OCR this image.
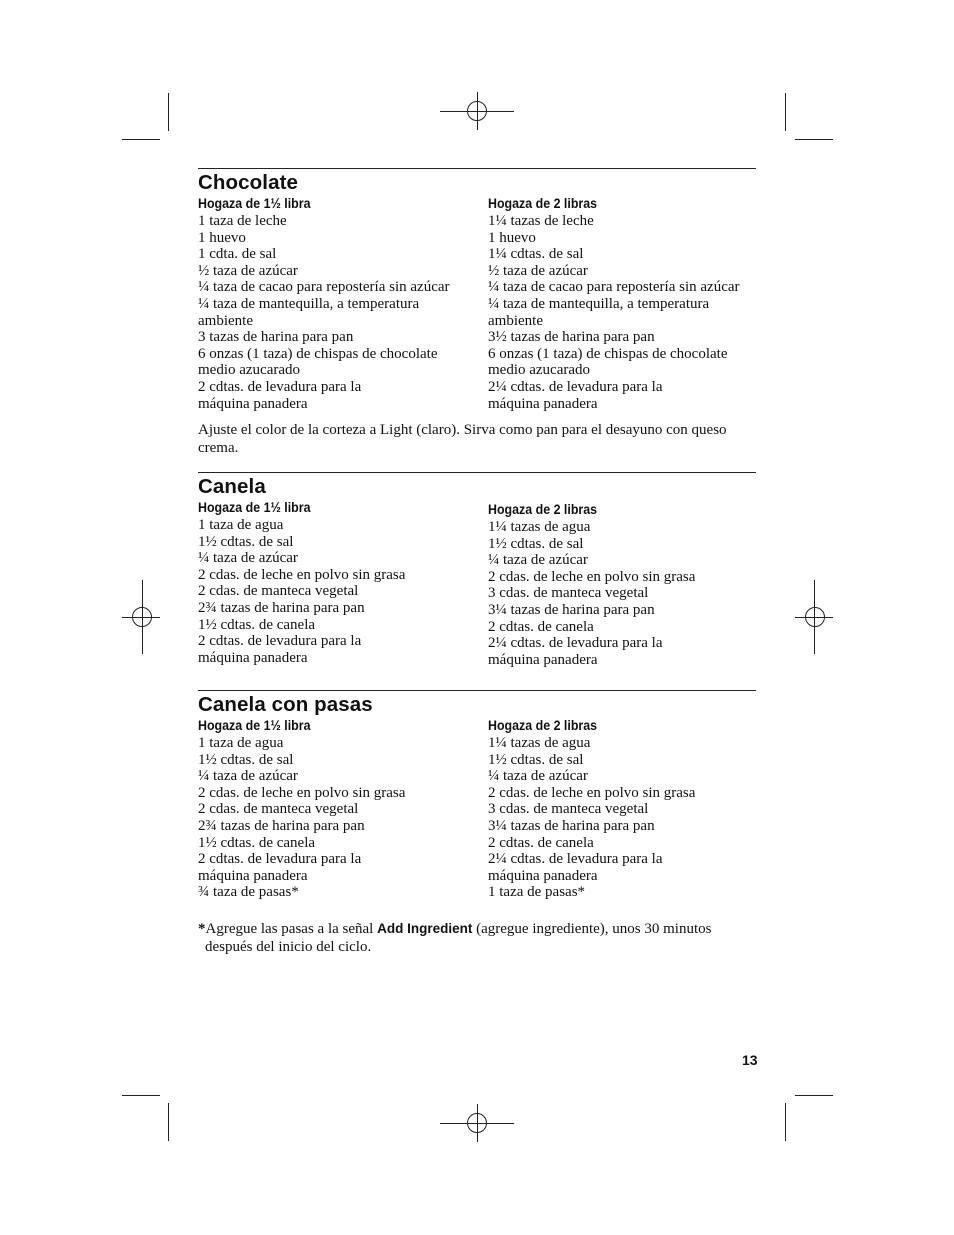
Chocolate
Hogaza de 1½ libra
1 taza de leche
1 huevo
1 cdta. de sal
½ taza de azúcar
¼ taza de cacao para repostería sin azúcar
¼ taza de mantequilla, a temperatura
ambiente
3 tazas de harina para pan
6 onzas (1 taza) de chispas de chocolate
medio azucarado
2 cdtas. de levadura para la
máquina panadera
Hogaza de 2 libras
1¼ tazas de leche
1 huevo
1¼ cdtas. de sal
½ taza de azúcar
¼ taza de cacao para repostería sin azúcar
¼ taza de mantequilla, a temperatura
ambiente
3½ tazas de harina para pan
6 onzas (1 taza) de chispas de chocolate
medio azucarado
2¼ cdtas. de levadura para la
máquina panadera
Ajuste el color de la corteza a Light (claro). Sirva como pan para el desayuno con queso crema.
Canela
Hogaza de 1½ libra
1 taza de agua
1½ cdtas. de sal
¼ taza de azúcar
2 cdas. de leche en polvo sin grasa
2 cdas. de manteca vegetal
2¾ tazas de harina para pan
1½ cdtas. de canela
2 cdtas. de levadura para la
máquina panadera
Hogaza de 2 libras
1¼ tazas de agua
1½ cdtas. de sal
¼ taza de azúcar
2 cdas. de leche en polvo sin grasa
3 cdas. de manteca vegetal
3¼ tazas de harina para pan
2 cdtas. de canela
2¼ cdtas. de levadura para la
máquina panadera
Canela con pasas
Hogaza de 1½ libra
1 taza de agua
1½ cdtas. de sal
¼ taza de azúcar
2 cdas. de leche en polvo sin grasa
2 cdas. de manteca vegetal
2¾ tazas de harina para pan
1½ cdtas. de canela
2 cdtas. de levadura para la
máquina panadera
¾ taza de pasas*
Hogaza de 2 libras
1¼ tazas de agua
1½ cdtas. de sal
¼ taza de azúcar
2 cdas. de leche en polvo sin grasa
3 cdas. de manteca vegetal
3¼ tazas de harina para pan
2 cdtas. de canela
2¼ cdtas. de levadura para la
máquina panadera
1 taza de pasas*
*Agregue las pasas a la señal Add Ingredient (agregue ingrediente), unos 30 minutos después del inicio del ciclo.
13
